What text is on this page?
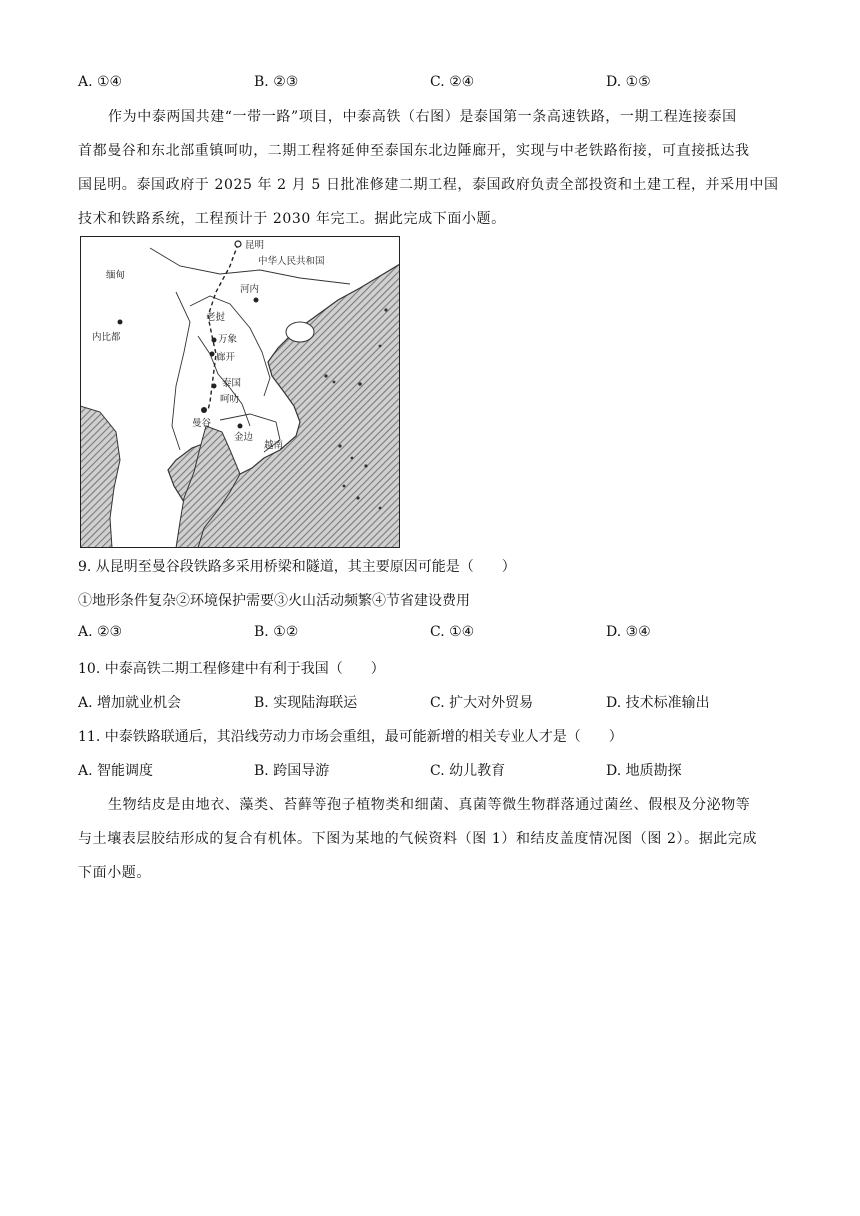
A. ①④	B. ②③	C. ②④	D. ①⑤
作为中泰两国共建“一带一路”项目，中泰高铁（右图）是泰国第一条高速铁路，一期工程连接泰国
首都曼谷和东北部重镇呵叻，二期工程将延伸至泰国东北边陲廊开，实现与中老铁路衔接，可直接抵达我
国昆明。泰国政府于 2025 年 2 月 5 日批准修建二期工程，泰国政府负责全部投资和土建工程，并采用中国
技术和铁路系统，工程预计于 2030 年完工。据此完成下面小题。
昆明
中华人民共和国
缅甸
河内
老挝
内比都	万象
廊开
泰国
呵叻
曼谷
金边
越南
9. 从昆明至曼谷段铁路多采用桥梁和隧道，其主要原因可能是（　　）
①地形条件复杂②环境保护需要③火山活动频繁④节省建设费用
A. ②③	B. ①②	C. ①④	D. ③④
10. 中泰高铁二期工程修建中有利于我国（　　）
A. 增加就业机会	B. 实现陆海联运	C. 扩大对外贸易	D. 技术标准输出
11. 中泰铁路联通后，其沿线劳动力市场会重组，最可能新增的相关专业人才是（　　）
A. 智能调度	B. 跨国导游	C. 幼儿教育	D. 地质勘探
生物结皮是由地衣、藻类、苔藓等孢子植物类和细菌、真菌等微生物群落通过菌丝、假根及分泌物等
与土壤表层胶结形成的复合有机体。下图为某地的气候资料（图 1）和结皮盖度情况图（图 2）。据此完成
下面小题。
